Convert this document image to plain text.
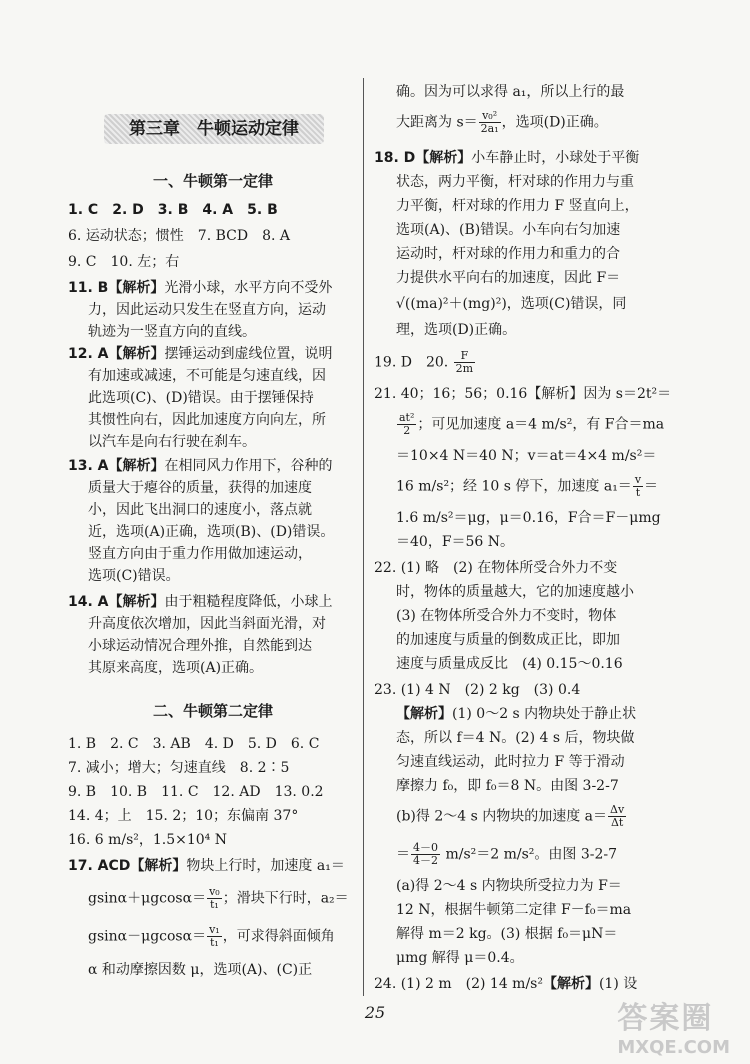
第三章　牛顿运动定律
一、牛顿第一定律
1. C　2. D　3. B　4. A　5. B
6. 运动状态；惯性　7. BCD　8. A
9. C　10. 左；右
11. B【解析】光滑小球，水平方向不受外
力，因此运动只发生在竖直方向，运动
轨迹为一竖直方向的直线。
12. A【解析】摆锤运动到虚线位置，说明
有加速或减速，不可能是匀速直线，因
此选项(C)、(D)错误。由于摆锤保持
其惯性向右，因此加速度方向向左，所
以汽车是向右行驶在刹车。
13. A【解析】在相同风力作用下，谷种的
质量大于瘪谷的质量，获得的加速度
小，因此飞出洞口的速度小，落点就
近，选项(A)正确，选项(B)、(D)错误。
竖直方向由于重力作用做加速运动，
选项(C)错误。
14. A【解析】由于粗糙程度降低，小球上
升高度依次增加，因此当斜面光滑，对
小球运动情况合理外推，自然能到达
其原来高度，选项(A)正确。
二、牛顿第二定律
1. B　2. C　3. AB　4. D　5. D　6. C
7. 减小；增大；匀速直线　8. 2∶5
9. B　10. B　11. C　12. AD　13. 0.2
14. 4；上　15. 2；10；东偏南 37°
16. 6 m/s²，1.5×10⁴ N
17. ACD【解析】物块上行时，加速度 a₁＝
$gsin\alpha+\mu gcos\alpha= \frac{\text{v₀}}{\text{t₁}}$ ；滑块下行时，a₂＝
$gsin\alpha-\mu gcos\alpha= \frac{\text{v₁}}{\text{t₁}}$ ，可求得斜面倾角
α 和动摩擦因数 μ，选项(A)、(C)正
确。因为可以求得 a₁，所以上行的最
大距离为 $s= \frac{\text{v₀²}}{\text{2a₁}}$ ，选项(D)正确。
18. D【解析】小车静止时，小球处于平衡
状态，两力平衡，杆对球的作用力与重
力平衡，杆对球的作用力 F 竖直向上，
选项(A)、(B)错误。小车向右匀加速
运动时，杆对球的作用力和重力的合
力提供水平向右的加速度，因此 F＝
√((ma)²＋(mg)²)，选项(C)错误，同
理，选项(D)正确。
19. D　20. $\frac{F}{2m}$
21. 40；16；56；0.16【解析】因为 s＝2t²＝
$\frac{\text{at²}}{2}$ ；可见加速度 a＝4 m/s²，有 F合＝ma
＝10×4 N＝40 N；v＝at＝4×4 m/s²＝
16 m/s²；经 10 s 停下，加速度 $a_1= \frac{v}{t}$ ＝
1.6 m/s²＝μg，μ＝0.16，F合＝F－μmg
＝40，F＝56 N。
22. (1) 略　(2) 在物体所受合外力不变
时，物体的质量越大，它的加速度越小
(3) 在物体所受合外力不变时，物体
的加速度与质量的倒数成正比，即加
速度与质量成反比　(4) 0.15～0.16
23. (1) 4 N　(2) 2 kg　(3) 0.4
【解析】(1) 0～2 s 内物块处于静止状
态，所以 f＝4 N。(2) 4 s 后，物块做
匀速直线运动，此时拉力 F 等于滑动
摩擦力 f₀，即 f₀＝8 N。由图 3-2-7
(b)得 2～4 s 内物块的加速度 $a= \frac{\Delta v}{\Delta t}$
＝ $\frac{4-0}{4-2} m/s^2=2$ m/s²。由图 3-2-7
(a)得 2～4 s 内物块所受拉力为 F＝
12 N，根据牛顿第二定律 F－f₀＝ma
解得 m＝2 kg。(3) 根据 f₀＝μN＝
μmg 解得 μ＝0.4。
24. (1) 2 m　(2) 14 m/s²【解析】(1) 设
25	答案圈
MXQE.COM
